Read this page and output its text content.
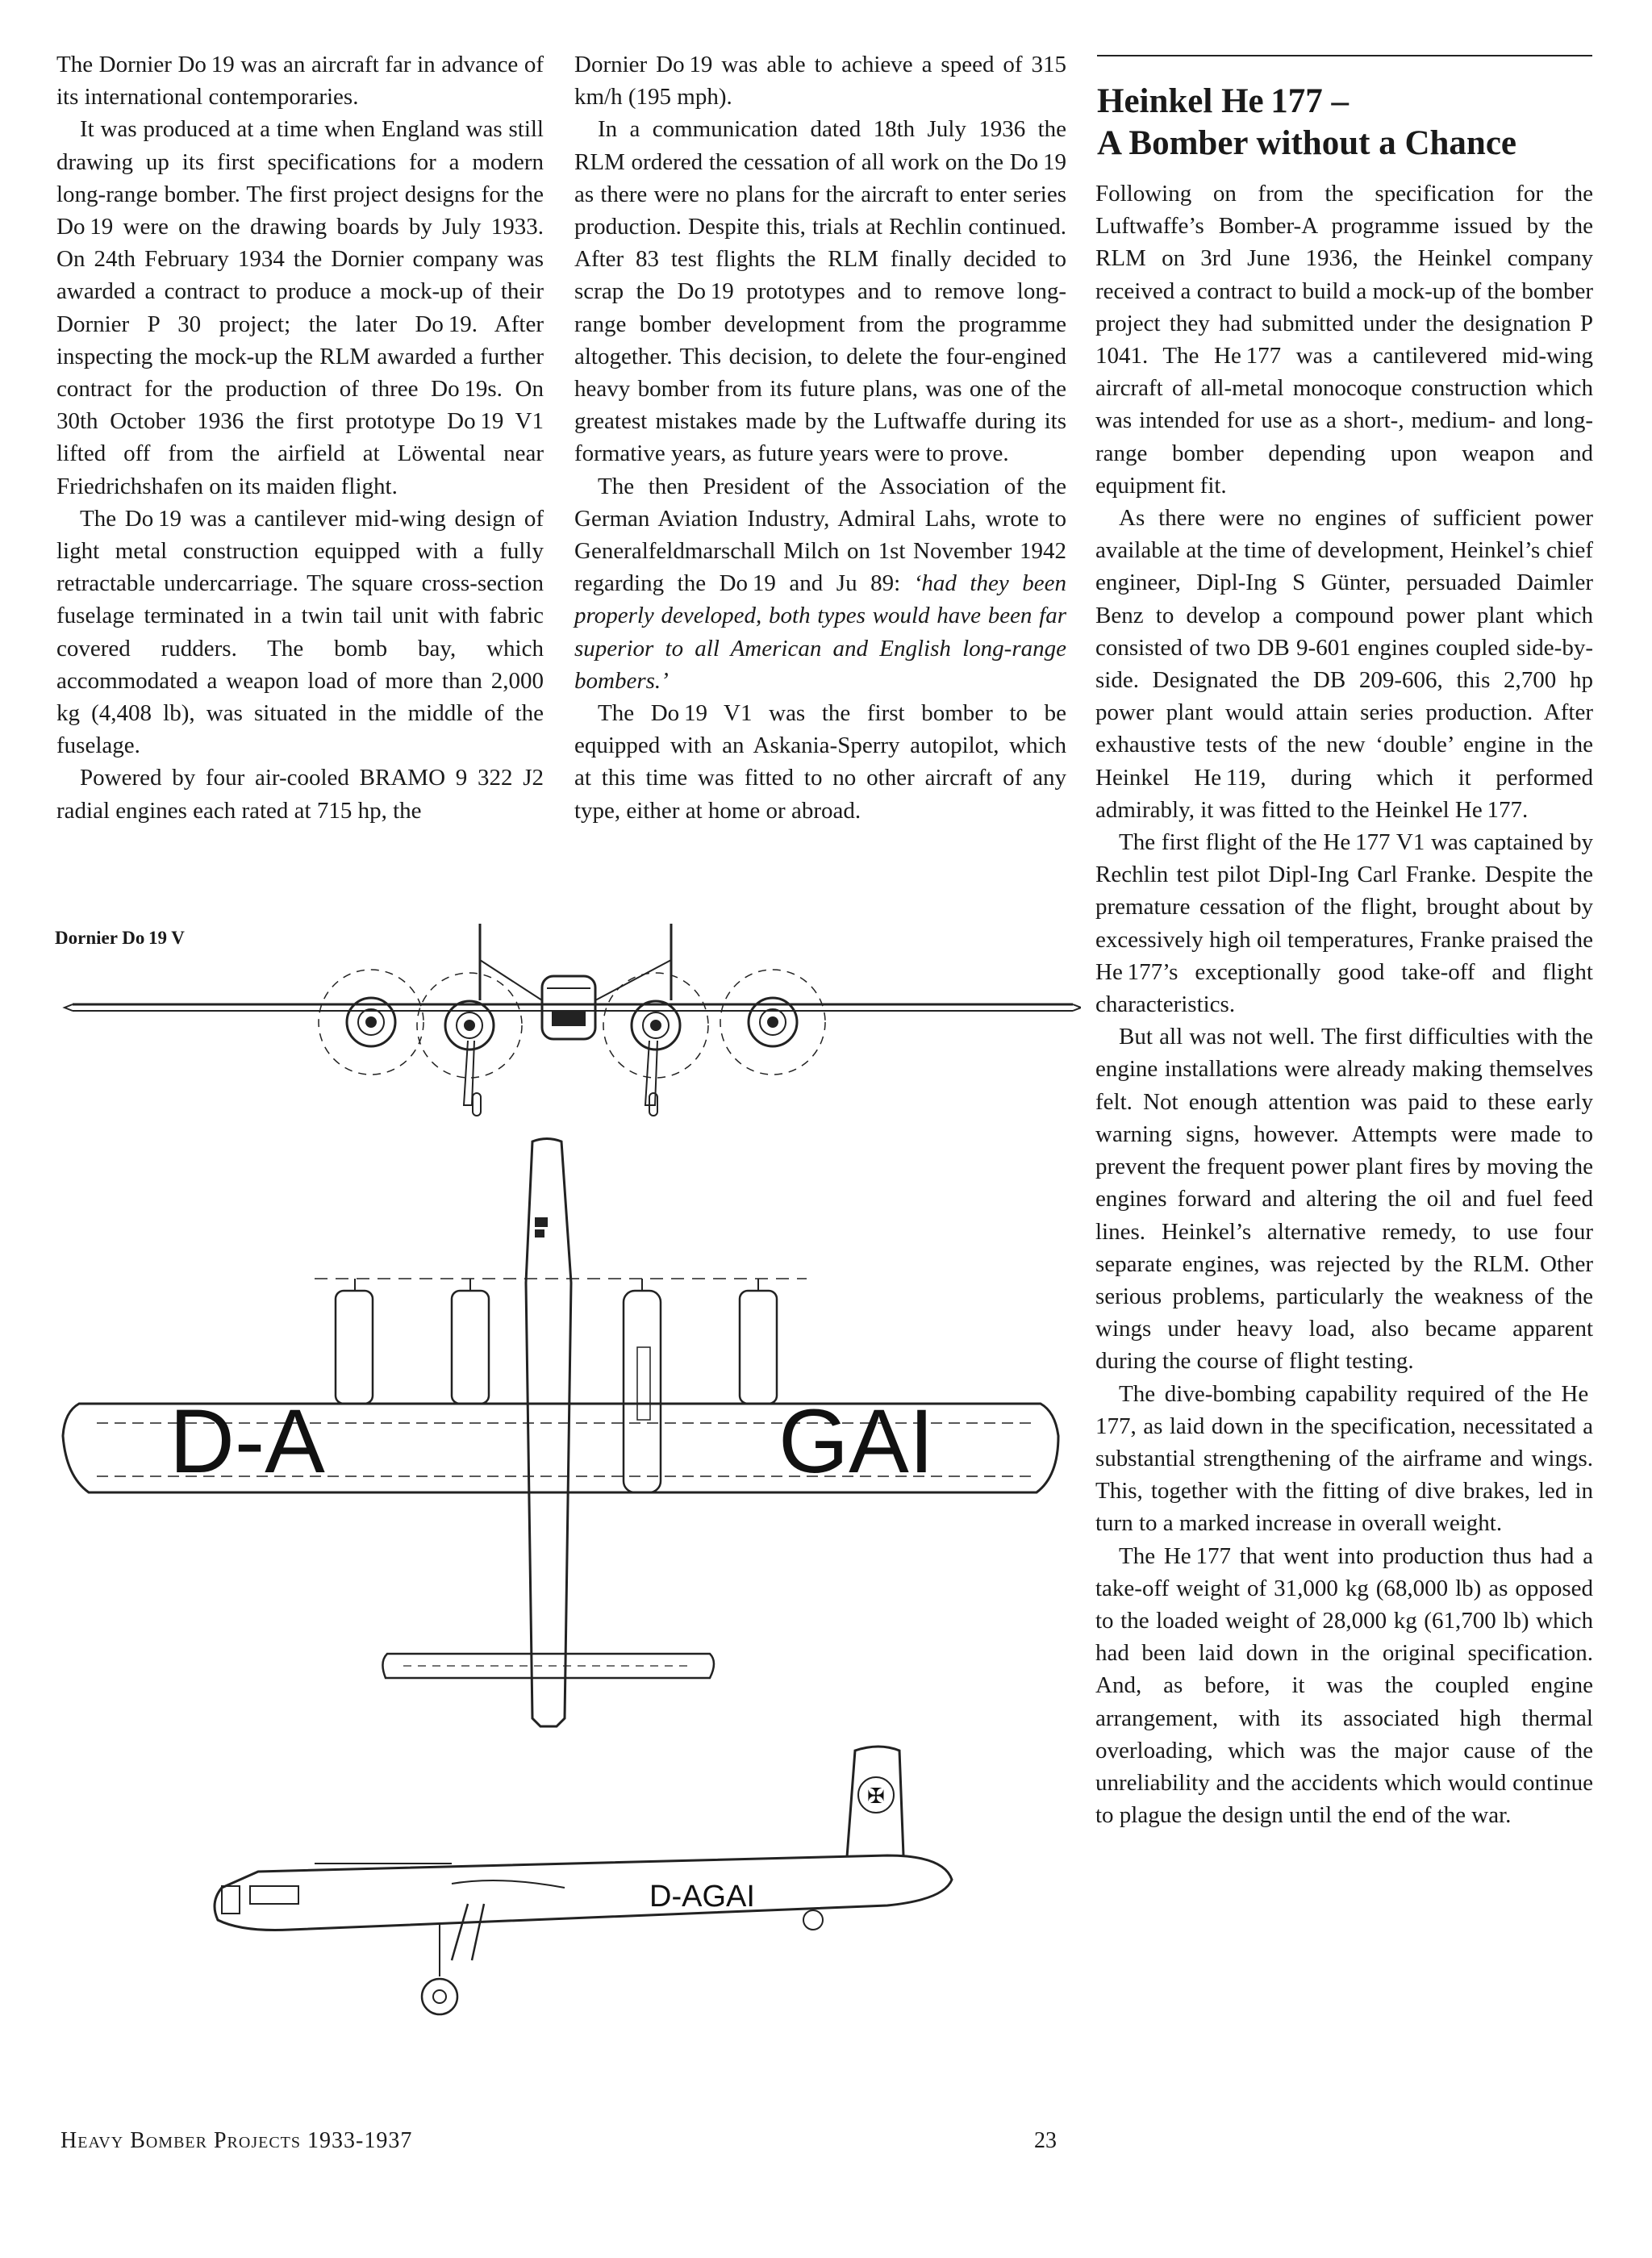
The Dornier Do 19 was an aircraft far in advance of its international contemporaries.

It was produced at a time when England was still drawing up its first specifications for a modern long-range bomber. The first project designs for the Do 19 were on the drawing boards by July 1933. On 24th February 1934 the Dornier company was awarded a contract to produce a mock-up of their Dornier P 30 project; the later Do 19. After inspecting the mock-up the RLM awarded a further contract for the production of three Do 19s. On 30th October 1936 the first prototype Do 19 V1 lifted off from the airfield at Löwental near Friedrichshafen on its maiden flight.

The Do 19 was a cantilever mid-wing design of light metal construction equipped with a fully retractable undercarriage. The square cross-section fuselage terminated in a twin tail unit with fabric covered rudders. The bomb bay, which accommodated a weapon load of more than 2,000 kg (4,408 lb), was situated in the middle of the fuselage.

Powered by four air-cooled BRAMO 9 322 J2 radial engines each rated at 715 hp, the

Dornier Do 19 was able to achieve a speed of 315 km/h (195 mph).

In a communication dated 18th July 1936 the RLM ordered the cessation of all work on the Do 19 as there were no plans for the aircraft to enter series production. Despite this, trials at Rechlin continued. After 83 test flights the RLM finally decided to scrap the Do 19 prototypes and to remove long-range bomber development from the programme altogether. This decision, to delete the four-engined heavy bomber from its future plans, was one of the greatest mistakes made by the Luftwaffe during its formative years, as future years were to prove.

The then President of the Association of the German Aviation Industry, Admiral Lahs, wrote to Generalfeldmarschall Milch on 1st November 1942 regarding the Do 19 and Ju 89: ‘had they been properly developed, both types would have been far superior to all American and English long-range bombers.’

The Do 19 V1 was the first bomber to be equipped with an Askania-Sperry autopilot, which at this time was fitted to no other aircraft of any type, either at home or abroad.

Heinkel He 177 –
A Bomber without a Chance

Following on from the specification for the Luftwaffe’s Bomber-A programme issued by the RLM on 3rd June 1936, the Heinkel company received a contract to build a mock-up of the bomber project they had submitted under the designation P 1041. The He 177 was a cantilevered mid-wing aircraft of all-metal monocoque construction which was intended for use as a short-, medium- and long-range bomber depending upon weapon and equipment fit.

As there were no engines of sufficient power available at the time of development, Heinkel’s chief engineer, Dipl-Ing S Günter, persuaded Daimler Benz to develop a compound power plant which consisted of two DB 9-601 engines coupled side-by-side. Designated the DB 209-606, this 2,700 hp power plant would attain series production. After exhaustive tests of the new ‘double’ engine in the Heinkel He 119, during which it performed admirably, it was fitted to the Heinkel He 177.

The first flight of the He 177 V1 was captained by Rechlin test pilot Dipl-Ing Carl Franke. Despite the premature cessation of the flight, brought about by excessively high oil temperatures, Franke praised the He 177’s exceptionally good take-off and flight characteristics.

But all was not well. The first difficulties with the engine installations were already making themselves felt. Not enough attention was paid to these early warning signs, however. Attempts were made to prevent the frequent power plant fires by moving the engines forward and altering the oil and fuel feed lines. Heinkel’s alternative remedy, to use four separate engines, was rejected by the RLM. Other serious problems, particularly the weakness of the wings under heavy load, also became apparent during the course of flight testing.

The dive-bombing capability required of the He 177, as laid down in the specification, necessitated a substantial strengthening of the airframe and wings. This, together with the fitting of dive brakes, led in turn to a marked increase in overall weight.

The He 177 that went into production thus had a take-off weight of 31,000 kg (68,000 lb) as opposed to the loaded weight of 28,000 kg (61,700 lb) which had been laid down in the original specification. And, as before, it was the coupled engine arrangement, with its associated high thermal overloading, which was the major cause of the unreliability and the accidents which would continue to plague the design until the end of the war.

Dornier Do 19 V
D-A	GAI
✠
D-AGAI
Heavy Bomber Projects 1933-1937	23
